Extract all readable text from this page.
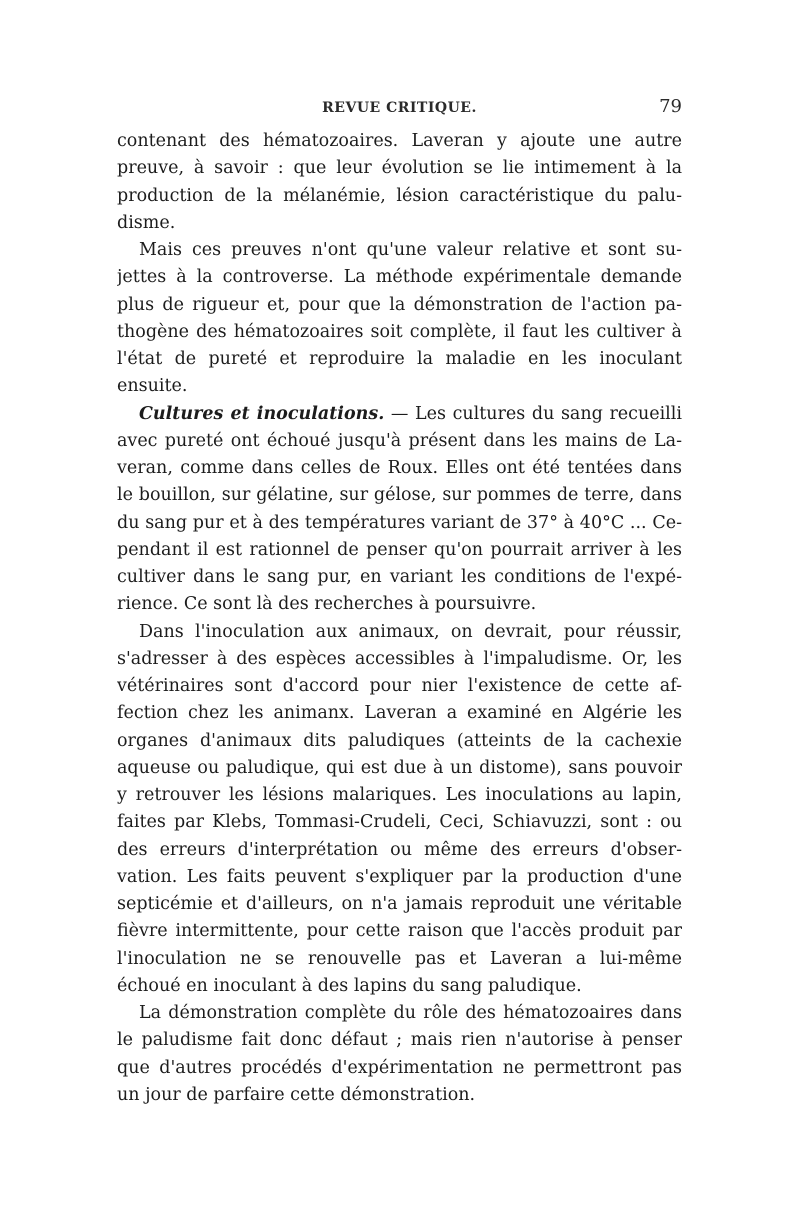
REVUE CRITIQUE.	79
contenant des hématozoaires. Laveran y ajoute une autre
preuve, à savoir : que leur évolution se lie intimement à la
production de la mélanémie, lésion caractéristique du palu-
disme.
Mais ces preuves n'ont qu'une valeur relative et sont su-
jettes à la controverse. La méthode expérimentale demande
plus de rigueur et, pour que la démonstration de l'action pa-
thogène des hématozoaires soit complète, il faut les cultiver à
l'état de pureté et reproduire la maladie en les inoculant
ensuite.
Cultures et inoculations. — Les cultures du sang recueilli
avec pureté ont échoué jusqu'à présent dans les mains de La-
veran, comme dans celles de Roux. Elles ont été tentées dans
le bouillon, sur gélatine, sur gélose, sur pommes de terre, dans
du sang pur et à des températures variant de 37° à 40°C ... Ce-
pendant il est rationnel de penser qu'on pourrait arriver à les
cultiver dans le sang pur, en variant les conditions de l'expé-
rience. Ce sont là des recherches à poursuivre.
Dans l'inoculation aux animaux, on devrait, pour réussir,
s'adresser à des espèces accessibles à l'impaludisme. Or, les
vétérinaires sont d'accord pour nier l'existence de cette af-
fection chez les animanx. Laveran a examiné en Algérie les
organes d'animaux dits paludiques (atteints de la cachexie
aqueuse ou paludique, qui est due à un distome), sans pouvoir
y retrouver les lésions malariques. Les inoculations au lapin,
faites par Klebs, Tommasi-Crudeli, Ceci, Schiavuzzi, sont : ou
des erreurs d'interprétation ou même des erreurs d'obser-
vation. Les faits peuvent s'expliquer par la production d'une
septicémie et d'ailleurs, on n'a jamais reproduit une véritable
fièvre intermittente, pour cette raison que l'accès produit par
l'inoculation ne se renouvelle pas et Laveran a lui-même
échoué en inoculant à des lapins du sang paludique.
La démonstration complète du rôle des hématozoaires dans
le paludisme fait donc défaut ; mais rien n'autorise à penser
que d'autres procédés d'expérimentation ne permettront pas
un jour de parfaire cette démonstration.
